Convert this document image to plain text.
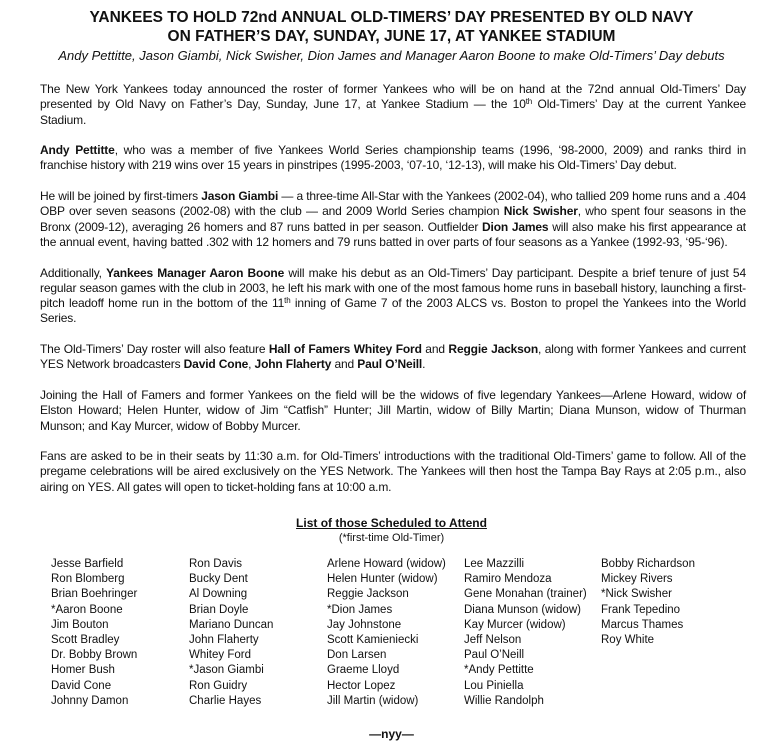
YANKEES TO HOLD 72nd ANNUAL OLD-TIMERS’ DAY PRESENTED BY OLD NAVY
ON FATHER’S DAY, SUNDAY, JUNE 17, AT YANKEE STADIUM
Andy Pettitte, Jason Giambi, Nick Swisher, Dion James and Manager Aaron Boone to make Old-Timers’ Day debuts

The New York Yankees today announced the roster of former Yankees who will be on hand at the 72nd annual Old-Timers’ Day presented by Old Navy on Father’s Day, Sunday, June 17, at Yankee Stadium — the 10th Old-Timers’ Day at the current Yankee Stadium.

Andy Pettitte, who was a member of five Yankees World Series championship teams (1996, ‘98-2000, 2009) and ranks third in franchise history with 219 wins over 15 years in pinstripes (1995-2003, ‘07-10, ‘12-13), will make his Old-Timers’ Day debut.

He will be joined by first-timers Jason Giambi — a three-time All-Star with the Yankees (2002-04), who tallied 209 home runs and a .404 OBP over seven seasons (2002-08) with the club — and 2009 World Series champion Nick Swisher, who spent four seasons in the Bronx (2009-12), averaging 26 homers and 87 runs batted in per season. Outfielder Dion James will also make his first appearance at the annual event, having batted .302 with 12 homers and 79 runs batted in over parts of four seasons as a Yankee (1992-93, ‘95-‘96).

Additionally, Yankees Manager Aaron Boone will make his debut as an Old-Timers’ Day participant. Despite a brief tenure of just 54 regular season games with the club in 2003, he left his mark with one of the most famous home runs in baseball history, launching a first-pitch leadoff home run in the bottom of the 11th inning of Game 7 of the 2003 ALCS vs. Boston to propel the Yankees into the World Series.

The Old-Timers’ Day roster will also feature Hall of Famers Whitey Ford and Reggie Jackson, along with former Yankees and current YES Network broadcasters David Cone, John Flaherty and Paul O’Neill.

Joining the Hall of Famers and former Yankees on the field will be the widows of five legendary Yankees—Arlene Howard, widow of Elston Howard; Helen Hunter, widow of Jim “Catfish” Hunter; Jill Martin, widow of Billy Martin; Diana Munson, widow of Thurman Munson; and Kay Murcer, widow of Bobby Murcer.

Fans are asked to be in their seats by 11:30 a.m. for Old-Timers’ introductions with the traditional Old-Timers’ game to follow. All of the pregame celebrations will be aired exclusively on the YES Network. The Yankees will then host the Tampa Bay Rays at 2:05 p.m., also airing on YES. All gates will open to ticket-holding fans at 10:00 a.m.

List of those Scheduled to Attend
(*first-time Old-Timer)
Jesse Barfield
Ron Blomberg
Brian Boehringer
*Aaron Boone
Jim Bouton
Scott Bradley
Dr. Bobby Brown
Homer Bush
David Cone
Johnny Damon
Ron Davis
Bucky Dent
Al Downing
Brian Doyle
Mariano Duncan
John Flaherty
Whitey Ford
*Jason Giambi
Ron Guidry
Charlie Hayes
Arlene Howard (widow)
Helen Hunter (widow)
Reggie Jackson
*Dion James
Jay Johnstone
Scott Kamieniecki
Don Larsen
Graeme Lloyd
Hector Lopez
Jill Martin (widow)
Lee Mazzilli
Ramiro Mendoza
Gene Monahan (trainer)
Diana Munson (widow)
Kay Murcer (widow)
Jeff Nelson
Paul O’Neill
*Andy Pettitte
Lou Piniella
Willie Randolph
Bobby Richardson
Mickey Rivers
*Nick Swisher
Frank Tepedino
Marcus Thames
Roy White
—nyy—
